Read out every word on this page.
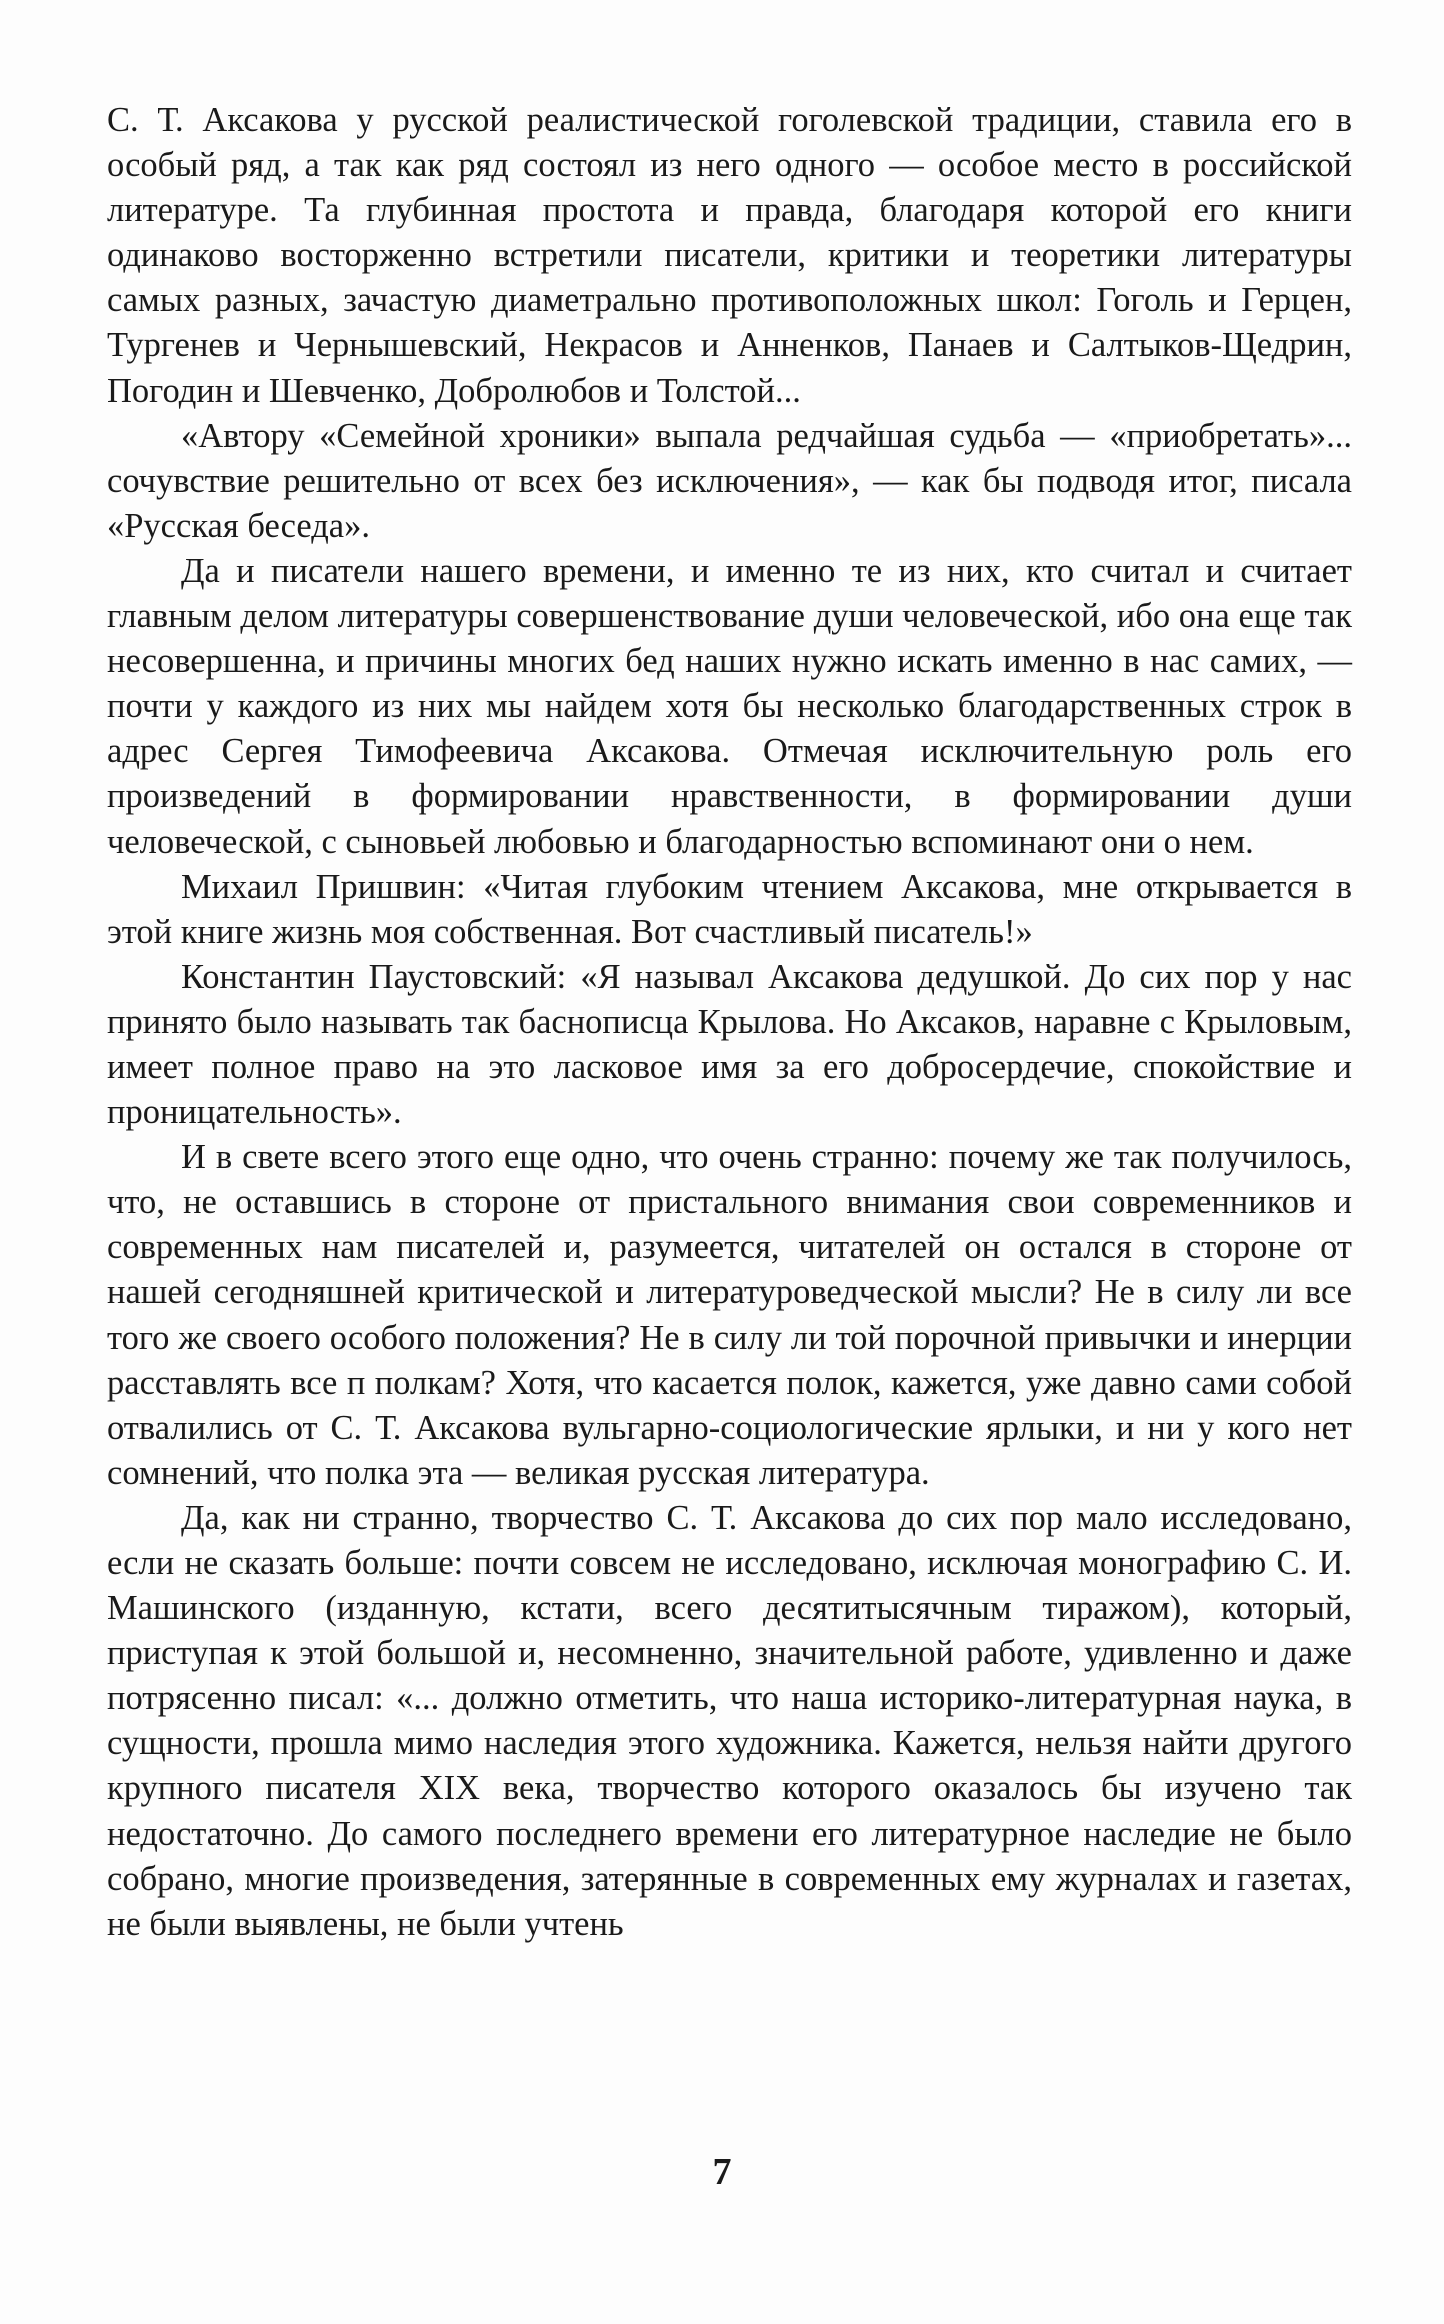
С. Т. Аксакова у русской реалистической гоголевской традиции, ставила его в особый ряд, а так как ряд состоял из него одного — особое место в российской литературе. Та глубинная простота и правда, благодаря которой его книги одинаково восторженно встретили писатели, критики и теоретики литературы самых разных, зачастую диаметрально противоположных школ: Гоголь и Герцен, Тургенев и Чернышевский, Некрасов и Анненков, Панаев и Салтыков-Щедрин, Погодин и Шевченко, Добролюбов и Толстой...

«Автору «Семейной хроники» выпала редчайшая судьба — «приобретать»... сочувствие решительно от всех без исключения», — как бы подводя итог, писала «Русская беседа».

Да и писатели нашего времени, и именно те из них, кто считал и считает главным делом литературы совершенствование души человеческой, ибо она еще так несовершенна, и причины многих бед наших нужно искать именно в нас самих, — почти у каждого из них мы найдем хотя бы несколько благодарственных строк в адрес Сергея Тимофеевича Аксакова. Отмечая исключительную роль его произведений в формировании нравственности, в формировании души человеческой, с сыновьей любовью и благодарностью вспоминают они о нем.

Михаил Пришвин: «Читая глубоким чтением Аксакова, мне открывается в этой книге жизнь моя собственная. Вот счастливый писатель!»

Константин Паустовский: «Я называл Аксакова дедушкой. До сих пор у нас принято было называть так баснописца Крылова. Но Аксаков, наравне с Крыловым, имеет полное право на это ласковое имя за его добросердечие, спокойствие и проницательность».

И в свете всего этого еще одно, что очень странно: почему же так получилось, что, не оставшись в стороне от пристального внимания свои современников и современных нам писателей и, разумеется, читателей он остался в стороне от нашей сегодняшней критической и литературоведческой мысли? Не в силу ли все того же своего особого положения? Не в силу ли той порочной привычки и инерции расставлять все п полкам? Хотя, что касается полок, кажется, уже давно сами собой отвалились от С. Т. Аксакова вульгарно-социологические ярлыки, и ни у кого нет сомнений, что полка эта — великая русская литература.

Да, как ни странно, творчество С. Т. Аксакова до сих пор мало исследовано, если не сказать больше: почти совсем не исследовано, исключая монографию С. И. Машинского (изданную, кстати, всего десятитысячным тиражом), который, приступая к этой большой и, несомненно, значительной работе, удивленно и даже потрясенно писал: «... должно отметить, что наша историко-литературная наука, в сущности, прошла мимо наследия этого художника. Кажется, нельзя найти другого крупного писателя XIX века, творчество которого оказалось бы изучено так недостаточно. До самого последнего времени его литературное наследие не было собрано, многие произведения, затерянные в современных ему журналах и газетах, не были выявлены, не были учтень

7
